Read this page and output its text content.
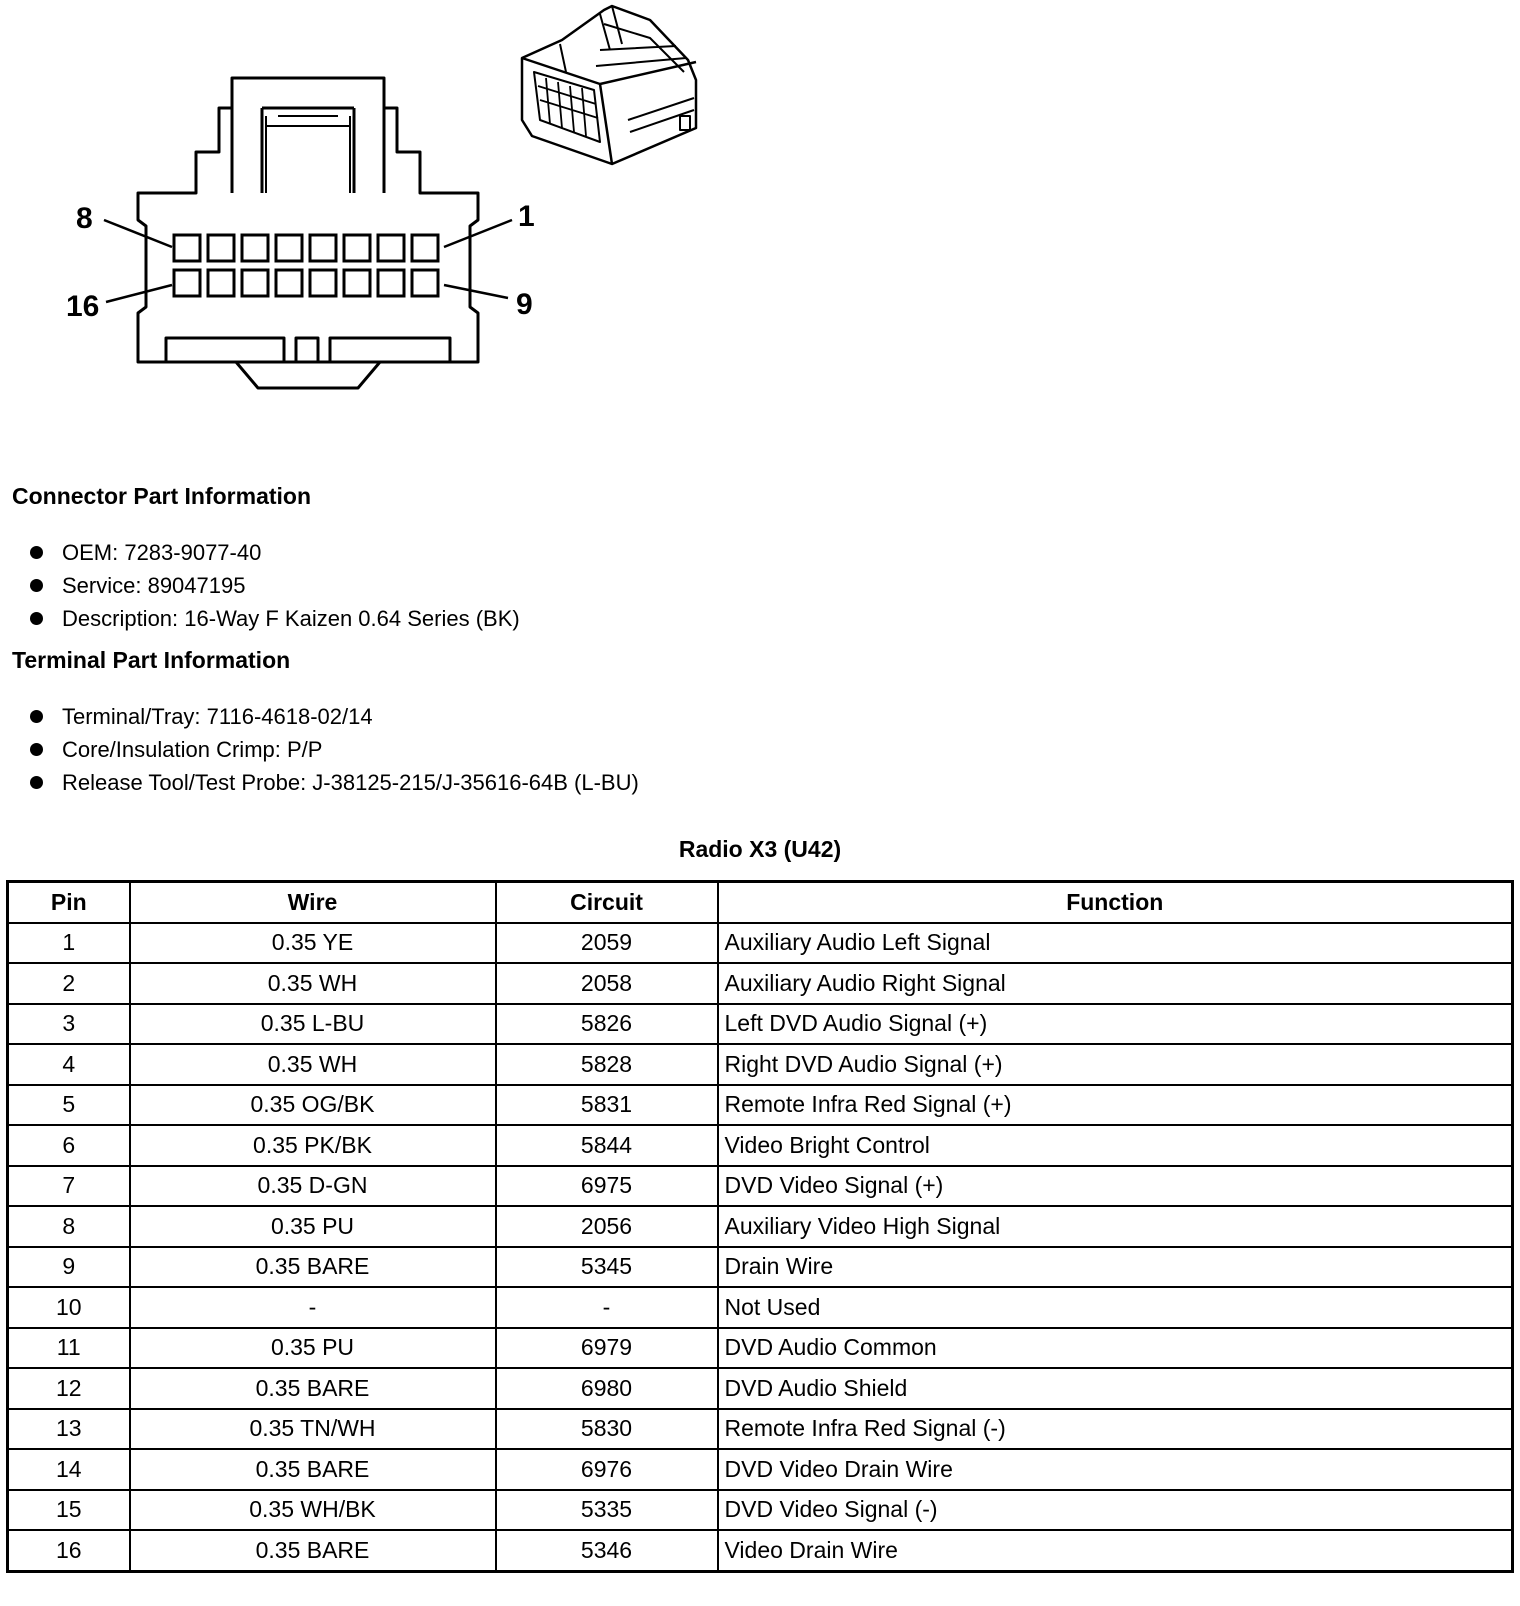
8	1
16	9
Connector Part Information
OEM: 7283-9077-40
Service: 89047195
Description: 16-Way F Kaizen 0.64 Series (BK)
Terminal Part Information
Terminal/Tray: 7116-4618-02/14
Core/Insulation Crimp: P/P
Release Tool/Test Probe: J-38125-215/J-35616-64B (L-BU)
Radio X3 (U42)
Pin	Wire	Circuit	Function
1	0.35 YE	2059	Auxiliary Audio Left Signal
2	0.35 WH	2058	Auxiliary Audio Right Signal
3	0.35 L-BU	5826	Left DVD Audio Signal (+)
4	0.35 WH	5828	Right DVD Audio Signal (+)
5	0.35 OG/BK	5831	Remote Infra Red Signal (+)
6	0.35 PK/BK	5844	Video Bright Control
7	0.35 D-GN	6975	DVD Video Signal (+)
8	0.35 PU	2056	Auxiliary Video High Signal
9	0.35 BARE	5345	Drain Wire
10	-	-	Not Used
11	0.35 PU	6979	DVD Audio Common
12	0.35 BARE	6980	DVD Audio Shield
13	0.35 TN/WH	5830	Remote Infra Red Signal (-)
14	0.35 BARE	6976	DVD Video Drain Wire
15	0.35 WH/BK	5335	DVD Video Signal (-)
16	0.35 BARE	5346	Video Drain Wire
